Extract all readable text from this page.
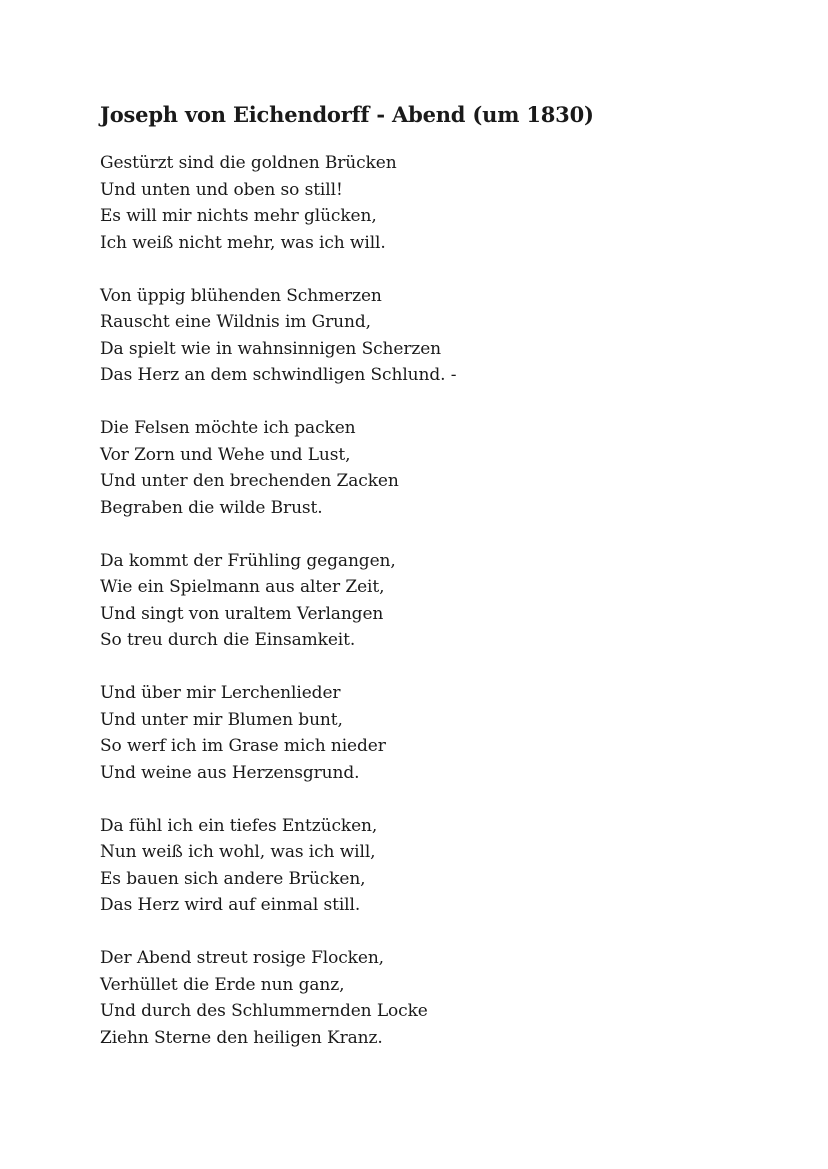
Joseph von Eichendorff - Abend (um 1830)
Gestürzt sind die goldnen Brücken
Und unten und oben so still!
Es will mir nichts mehr glücken,
Ich weiß nicht mehr, was ich will.
Von üppig blühenden Schmerzen
Rauscht eine Wildnis im Grund,
Da spielt wie in wahnsinnigen Scherzen
Das Herz an dem schwindligen Schlund. -
Die Felsen möchte ich packen
Vor Zorn und Wehe und Lust,
Und unter den brechenden Zacken
Begraben die wilde Brust.
Da kommt der Frühling gegangen,
Wie ein Spielmann aus alter Zeit,
Und singt von uraltem Verlangen
So treu durch die Einsamkeit.
Und über mir Lerchenlieder
Und unter mir Blumen bunt,
So werf ich im Grase mich nieder
Und weine aus Herzensgrund.
Da fühl ich ein tiefes Entzücken,
Nun weiß ich wohl, was ich will,
Es bauen sich andere Brücken,
Das Herz wird auf einmal still.
Der Abend streut rosige Flocken,
Verhüllet die Erde nun ganz,
Und durch des Schlummernden Locke
Ziehn Sterne den heiligen Kranz.
